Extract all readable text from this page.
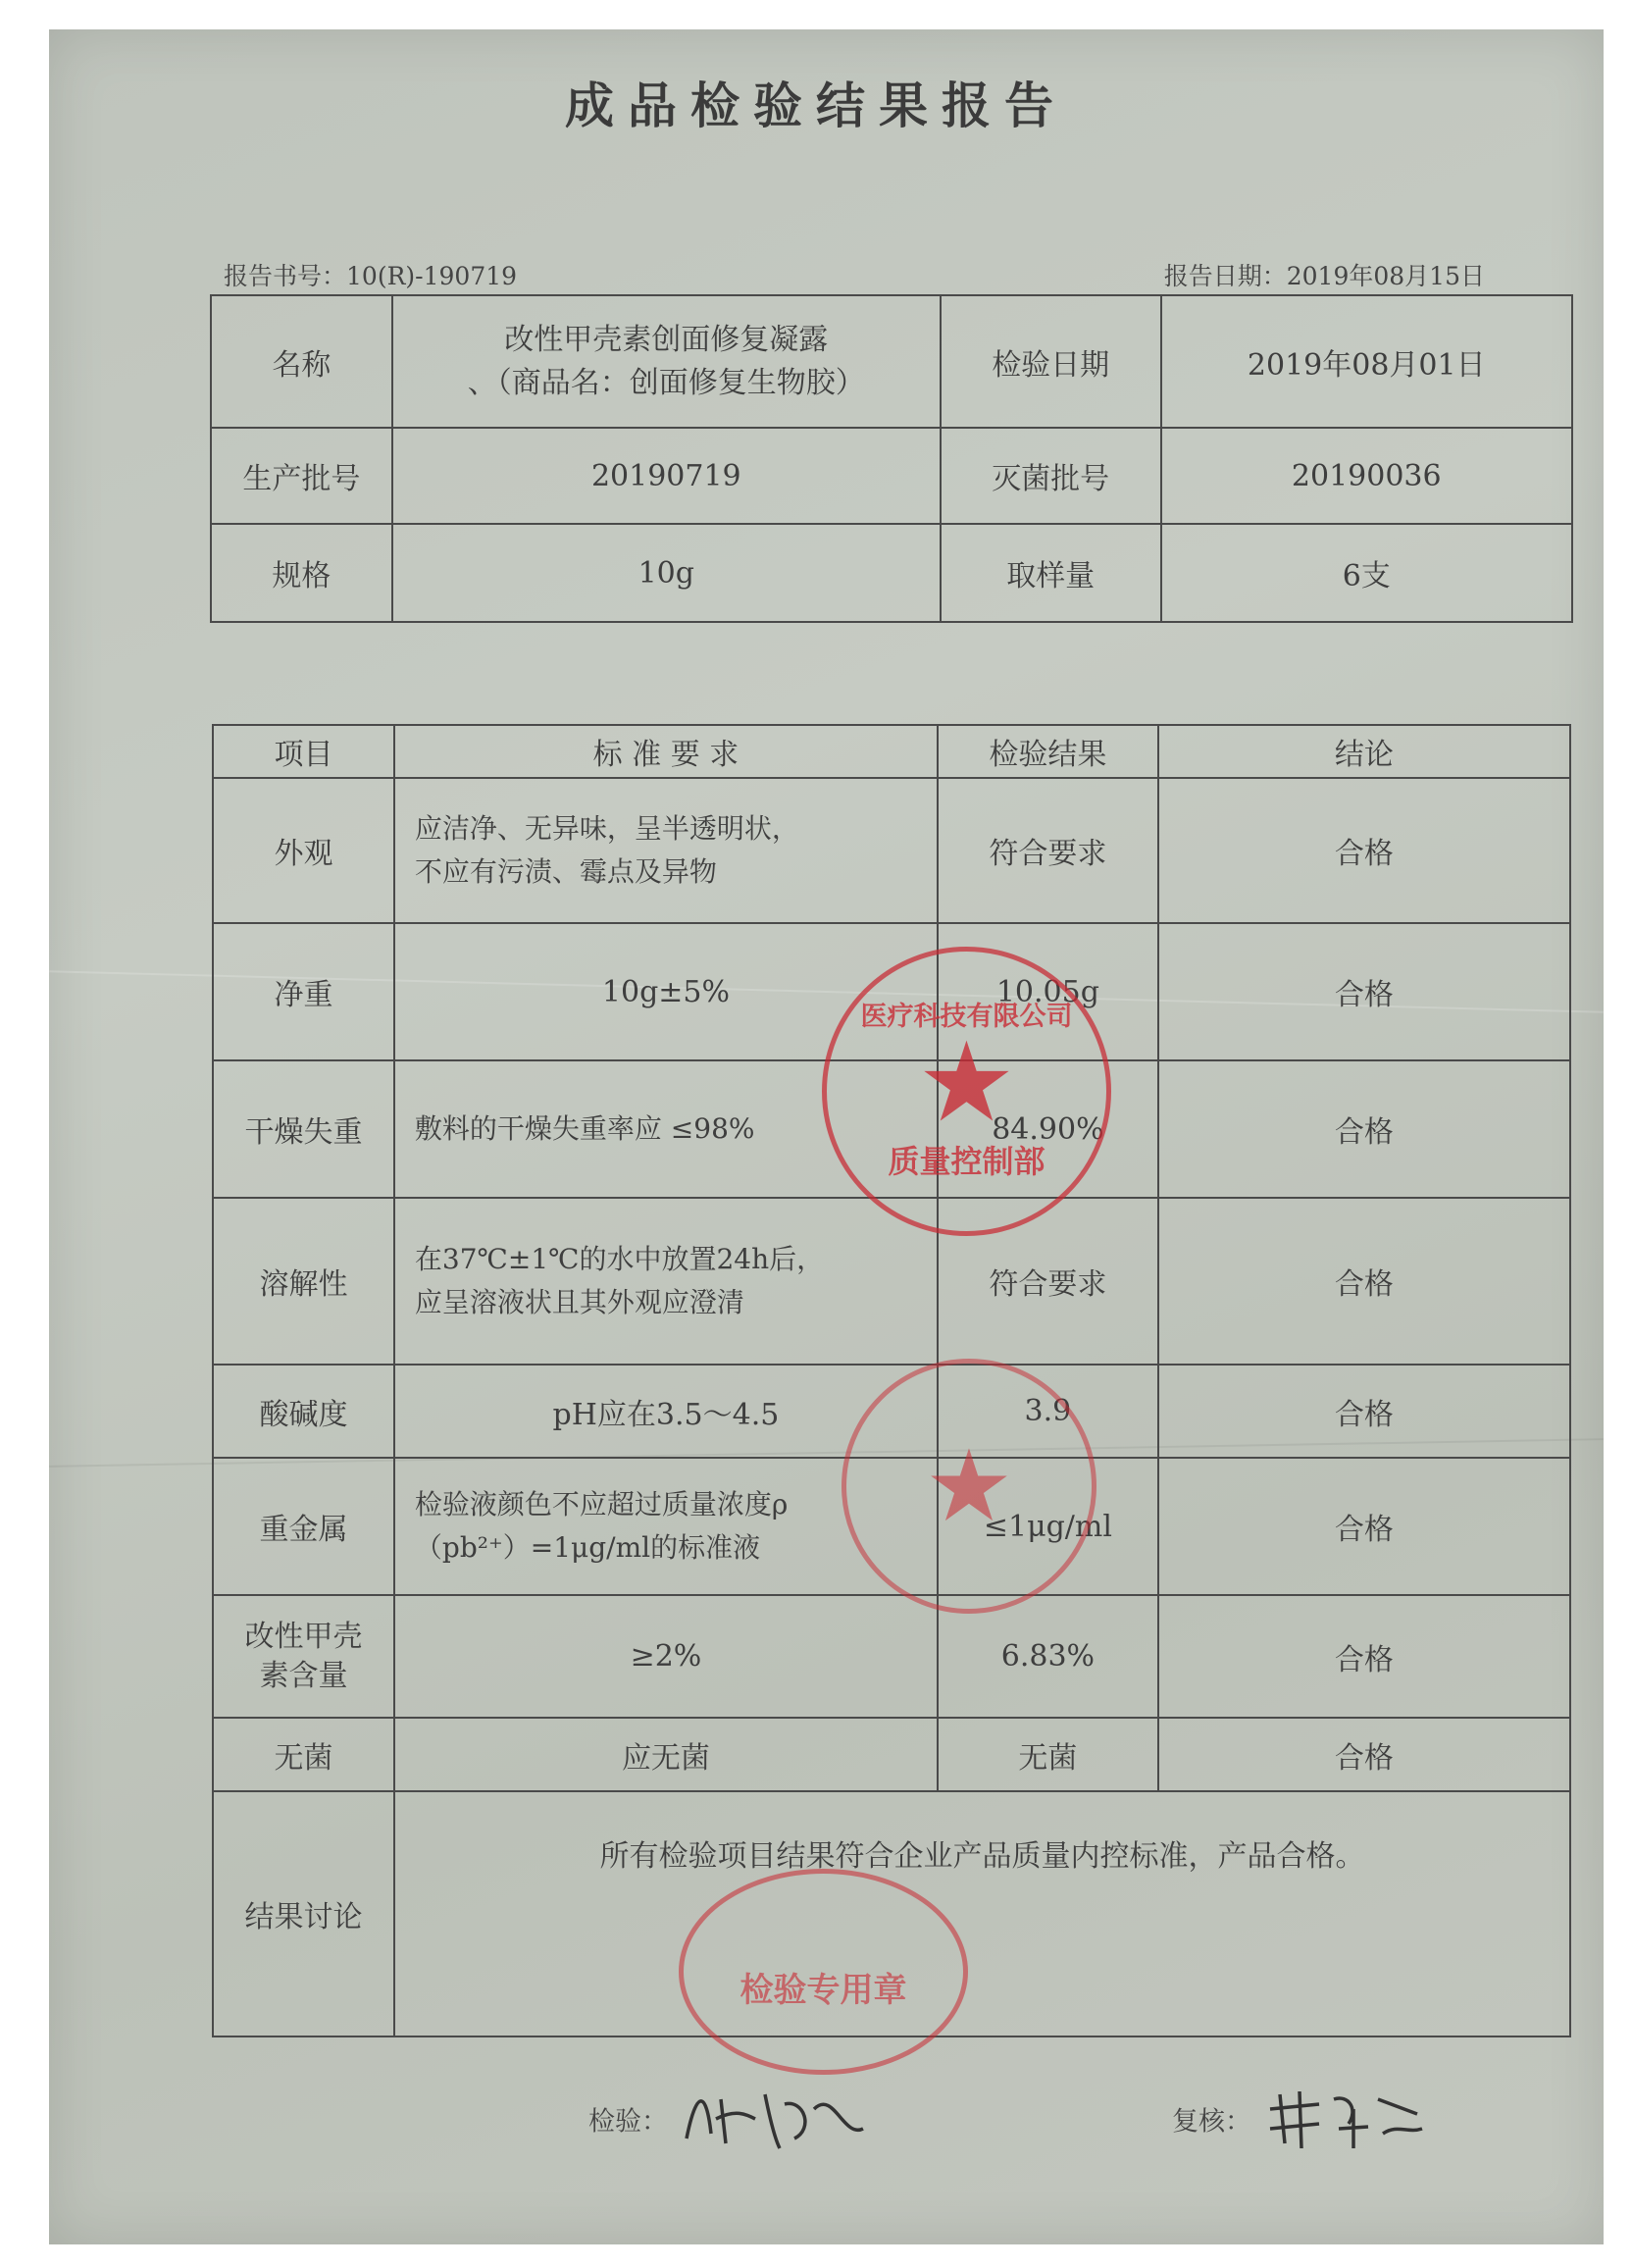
成品检验结果报告
报告书号：10(R)-190719	报告日期：2019年08月15日
名称	改性甲壳素创面修复凝露
、（商品名：创面修复生物胶）	检验日期	2019年08月01日
生产批号	20190719	灭菌批号	20190036
规格	10g	取样量	6支
项目	标 准 要 求	检验结果	结论
外观	应洁净、无异味，呈半透明状，
不应有污渍、霉点及异物	符合要求	合格
净重	10g±5%	10.05g	合格
干燥失重	敷料的干燥失重率应 ≤98%	84.90%	合格
溶解性	在37℃±1℃的水中放置24h后，
应呈溶液状且其外观应澄清	符合要求	合格
酸碱度	pH应在3.5～4.5	3.9	合格
重金属	检验液颜色不应超过质量浓度ρ
（pb²⁺）=1μg/ml的标准液	≤1μg/ml	合格
改性甲壳素含量	≥2%	6.83%	合格
无菌	应无菌	无菌	合格
结果讨论	所有检验项目结果符合企业产品质量内控标准，产品合格。		
医疗科技有限公司
★
质量控制部
★
检验专用章
检验：	复核：
